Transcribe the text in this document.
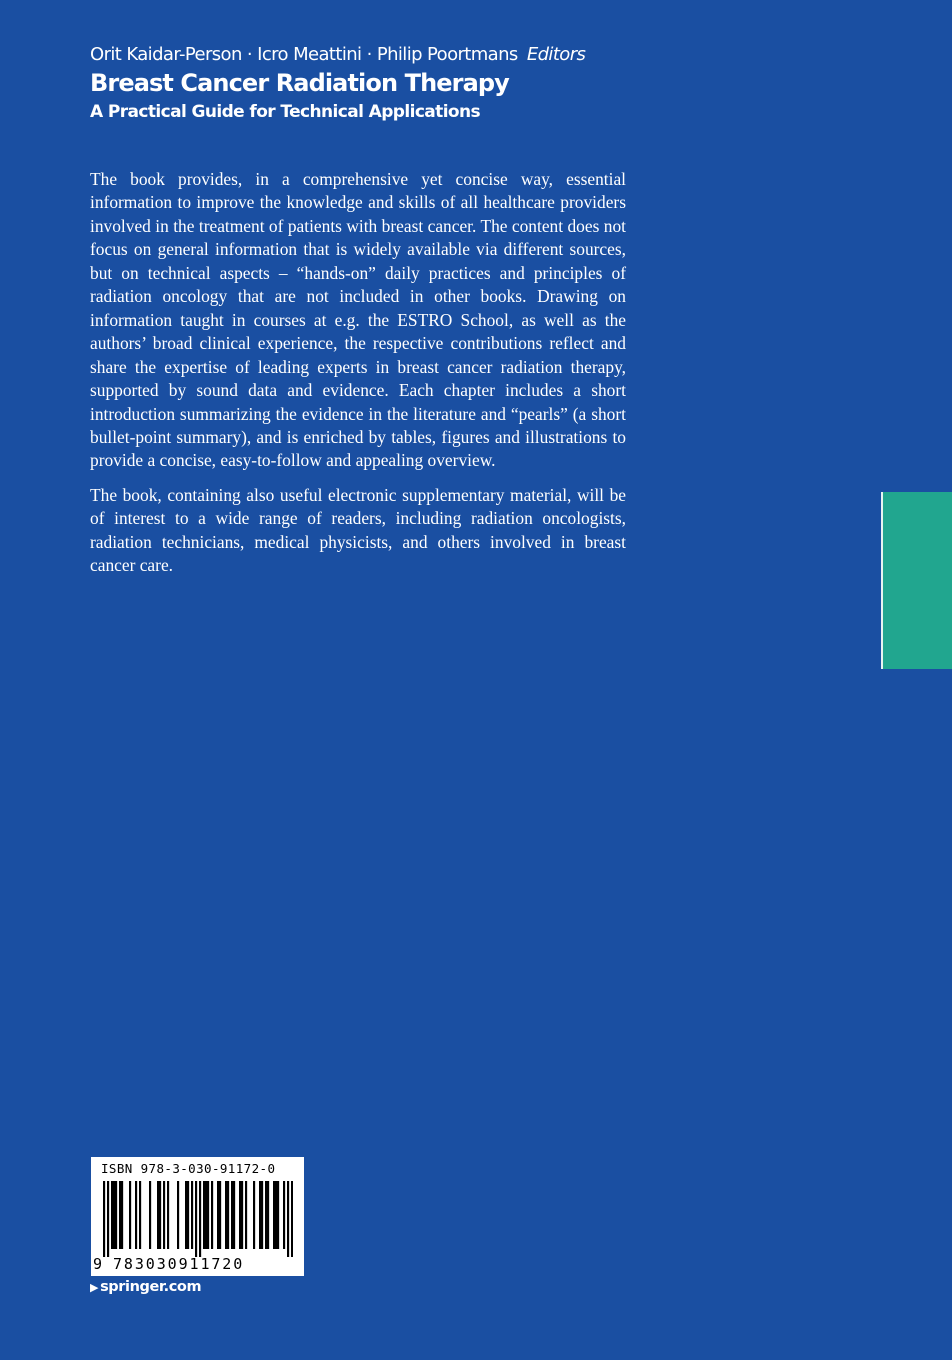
Orit Kaidar-Person · Icro Meattini · Philip Poortmans Editors
Breast Cancer Radiation Therapy
A Practical Guide for Technical Applications

The book provides, in a comprehensive yet concise way, essential information to improve the knowledge and skills of all healthcare providers involved in the treatment of patients with breast cancer. The content does not focus on general information that is widely available via different sources, but on technical aspects – “hands-on” daily practices and principles of radiation oncology that are not included in other books. Drawing on information taught in courses at e.g. the ESTRO School, as well as the authors’ broad clinical experience, the respective contributions reflect and share the expertise of leading experts in breast cancer radiation therapy, supported by sound data and evidence. Each chapter includes a short introduction summarizing the evidence in the literature and “pearls” (a short bullet-point summary), and is enriched by tables, figures and illustrations to provide a concise, easy-to-follow and appealing overview.

The book, containing also useful electronic supplementary material, will be of interest to a wide range of readers, including radiation oncologists, radiation technicians, medical physicists, and others involved in breast cancer care.

ISBN 978-3-030-91172-0
9 783030911720
▶ springer.com
